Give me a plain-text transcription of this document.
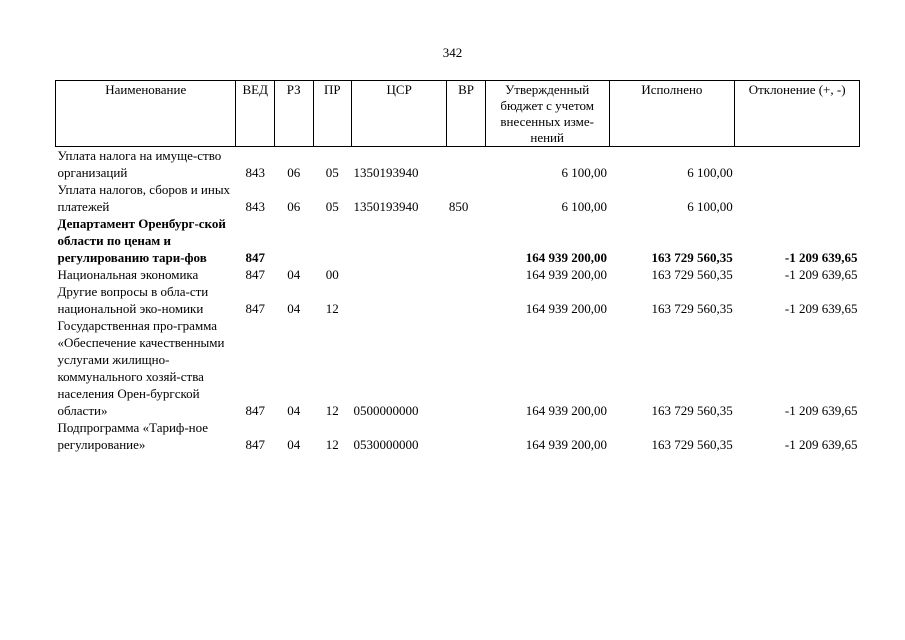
342
Наименование	ВЕД	РЗ	ПР	ЦСР	ВР	Утвержденный бюджет с учетом внесенных изме-нений	Исполнено	Отклонение (+, -)
Уплата налога на имуще-ство организаций	843	06	05	1350193940		6 100,00	6 100,00	
Уплата налогов, сборов и иных платежей	843	06	05	1350193940	850	6 100,00	6 100,00	
Департамент Оренбург-ской области по ценам и регулированию тари-фов	847					164 939 200,00	163 729 560,35	-1 209 639,65
Национальная экономика	847	04	00			164 939 200,00	163 729 560,35	-1 209 639,65
Другие вопросы в обла-сти национальной эко-номики	847	04	12			164 939 200,00	163 729 560,35	-1 209 639,65
Государственная про-грамма «Обеспечение качественными услугами жилищно-коммунального хозяй-ства населения Орен-бургской области»	847	04	12	0500000000		164 939 200,00	163 729 560,35	-1 209 639,65
Подпрограмма «Тариф-ное регулирование»	847	04	12	0530000000		164 939 200,00	163 729 560,35	-1 209 639,65
